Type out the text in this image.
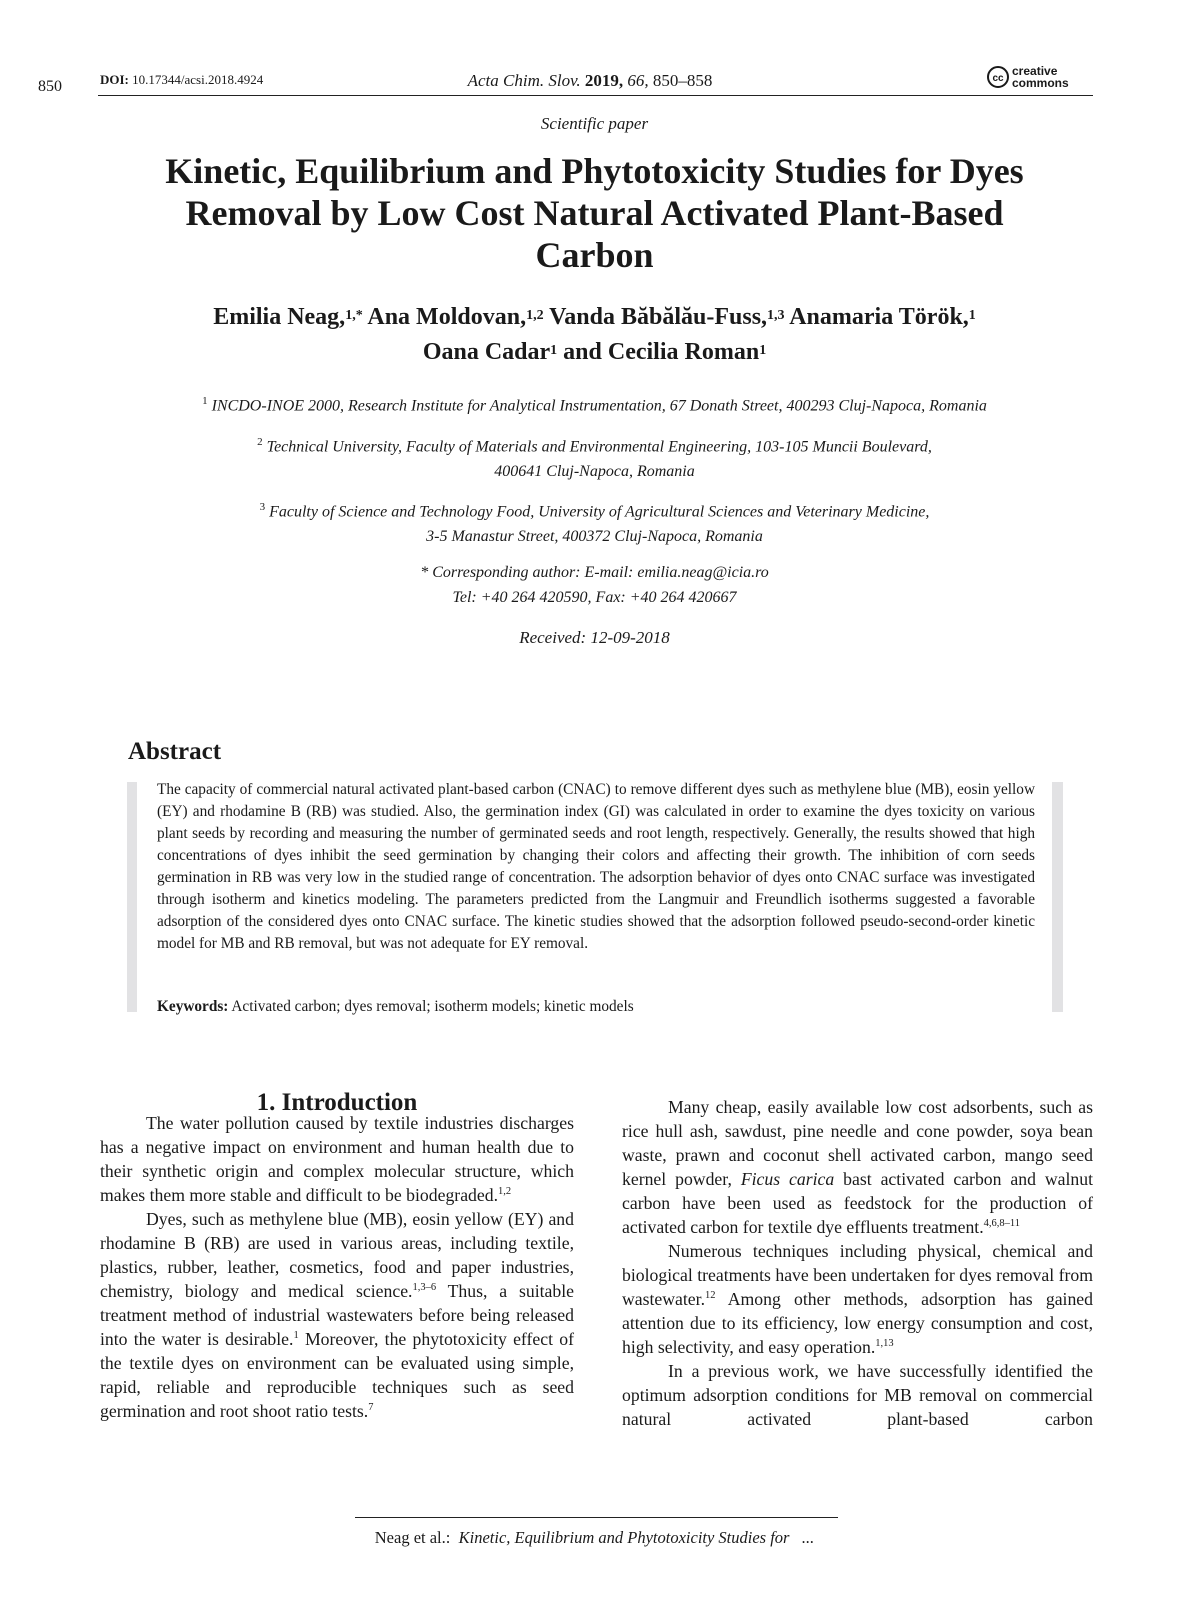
850	DOI: 10.17344/acsi.2018.4924	Acta Chim. Slov. 2019, 66, 850–858	cc
creative
commons
Scientific paper
Kinetic, Equilibrium and Phytotoxicity Studies for Dyes Removal by Low Cost Natural Activated Plant-Based Carbon
Emilia Neag,$^{1,*}$ Ana Moldovan,$^{1,2}$ Vanda Băbălău-Fuss,$^{1,3}$ Anamaria Török,$^1$
Oana Cadar$^1$ and Cecilia Roman$^1$
$^1$ INCDO-INOE 2000, Research Institute for Analytical Instrumentation, 67 Donath Street, 400293 Cluj-Napoca, Romania
$^2$ Technical University, Faculty of Materials and Environmental Engineering, 103-105 Muncii Boulevard,
400641 Cluj-Napoca, Romania
$^3$ Faculty of Science and Technology Food, University of Agricultural Sciences and Veterinary Medicine,
3-5 Manastur Street, 400372 Cluj-Napoca, Romania
* Corresponding author: E-mail: emilia.neag@icia.ro
Tel: +40 264 420590, Fax: +40 264 420667
Received: 12-09-2018
Abstract
The capacity of commercial natural activated plant-based carbon (CNAC) to remove different dyes such as methylene blue (MB), eosin yellow (EY) and rhodamine B (RB) was studied. Also, the germination index (GI) was calculated in order to examine the dyes toxicity on various plant seeds by recording and measuring the number of germinated seeds and root length, respectively. Generally, the results showed that high concentrations of dyes inhibit the seed germination by changing their colors and affecting their growth. The inhibition of corn seeds germination in RB was very low in the studied range of concentration. The adsorption behavior of dyes onto CNAC surface was investigated through isotherm and kinetics modeling. The parameters predicted from the Langmuir and Freundlich isotherms suggested a favorable adsorption of the considered dyes onto CNAC surface. The kinetic studies showed that the adsorption followed pseudo-second-order kinetic model for MB and RB removal, but was not adequate for EY removal.
Keywords: Activated carbon; dyes removal; isotherm models; kinetic models
1. Introduction

The water pollution caused by textile industries discharges has a negative impact on environment and human health due to their synthetic origin and complex molecular structure, which makes them more stable and difficult to be biodegraded.$^{1,2}$

Dyes, such as methylene blue (MB), eosin yellow (EY) and rhodamine B (RB) are used in various areas, including textile, plastics, rubber, leather, cosmetics, food and paper industries, chemistry, biology and medical science.$^{1,3-6}$ Thus, a suitable treatment method of industrial wastewaters before being released into the water is desirable.$^1$ Moreover, the phytotoxicity effect of the textile dyes on environment can be evaluated using simple, rapid, reliable and reproducible techniques such as seed germination and root shoot ratio tests.$^7$

Many cheap, easily available low cost adsorbents, such as rice hull ash, sawdust, pine needle and cone powder, soya bean waste, prawn and coconut shell activated carbon, mango seed kernel powder, Ficus carica bast activated carbon and walnut carbon have been used as feedstock for the production of activated carbon for textile dye effluents treatment.$^{4,6,8-11}$

Numerous techniques including physical, chemical and biological treatments have been undertaken for dyes removal from wastewater.$^{12}$ Among other methods, adsorption has gained attention due to its efficiency, low energy consumption and cost, high selectivity, and easy operation.$^{1,13}$

In a previous work, we have successfully identified the optimum adsorption conditions for MB removal on commercial natural activated plant-based carbon

Neag et al.: Kinetic, Equilibrium and Phytotoxicity Studies for ...
